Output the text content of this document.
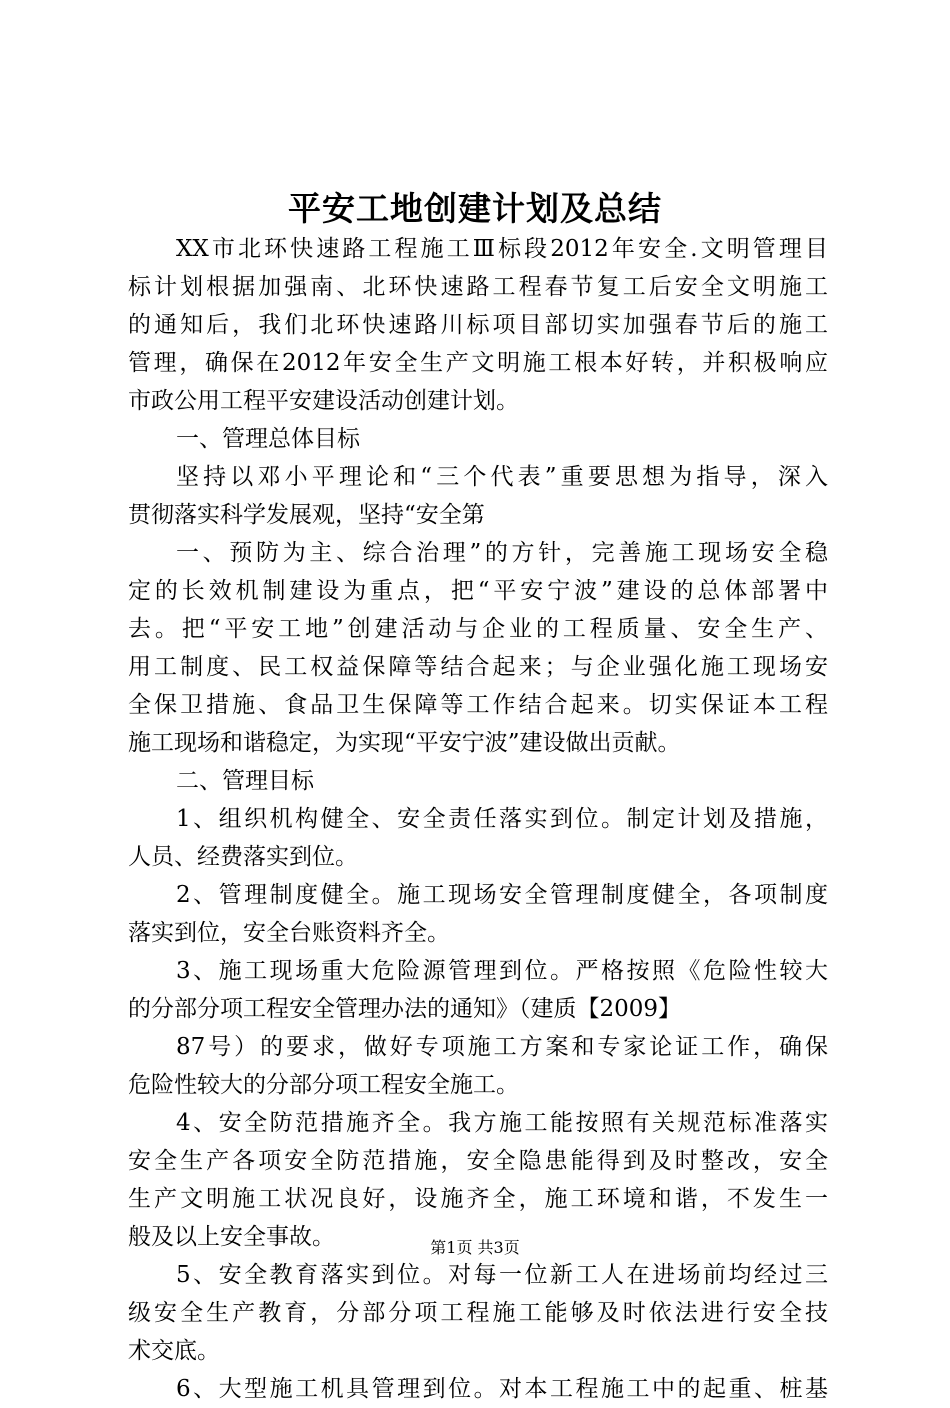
平安工地创建计划及总结
XX市北环快速路工程施工Ⅲ标段2012年安全.文明管理目
标计划根据加强南、北环快速路工程春节复工后安全文明施工
的通知后，我们北环快速路川标项目部切实加强春节后的施工
管理，确保在2012年安全生产文明施工根本好转，并积极响应
市政公用工程平安建设活动创建计划。
一、管理总体目标
坚持以邓小平理论和“三个代表”重要思想为指导，深入
贯彻落实科学发展观，坚持“安全第
一、预防为主、综合治理”的方针，完善施工现场安全稳
定的长效机制建设为重点，把“平安宁波”建设的总体部署中
去。把“平安工地”创建活动与企业的工程质量、安全生产、
用工制度、民工权益保障等结合起来；与企业强化施工现场安
全保卫措施、食品卫生保障等工作结合起来。切实保证本工程
施工现场和谐稳定，为实现“平安宁波”建设做出贡献。
二、管理目标
1、组织机构健全、安全责任落实到位。制定计划及措施，
人员、经费落实到位。
2、管理制度健全。施工现场安全管理制度健全，各项制度
落实到位，安全台账资料齐全。
3、施工现场重大危险源管理到位。严格按照《危险性较大
的分部分项工程安全管理办法的通知》（建质【2009】
87号）的要求，做好专项施工方案和专家论证工作，确保
危险性较大的分部分项工程安全施工。
4、安全防范措施齐全。我方施工能按照有关规范标准落实
安全生产各项安全防范措施，安全隐患能得到及时整改，安全
生产文明施工状况良好，设施齐全，施工环境和谐，不发生一
般及以上安全事故。
5、安全教育落实到位。对每一位新工人在进场前均经过三
级安全生产教育，分部分项工程施工能够及时依法进行安全技
术交底。
6、大型施工机具管理到位。对本工程施工中的起重、桩基
第1页 共3页
